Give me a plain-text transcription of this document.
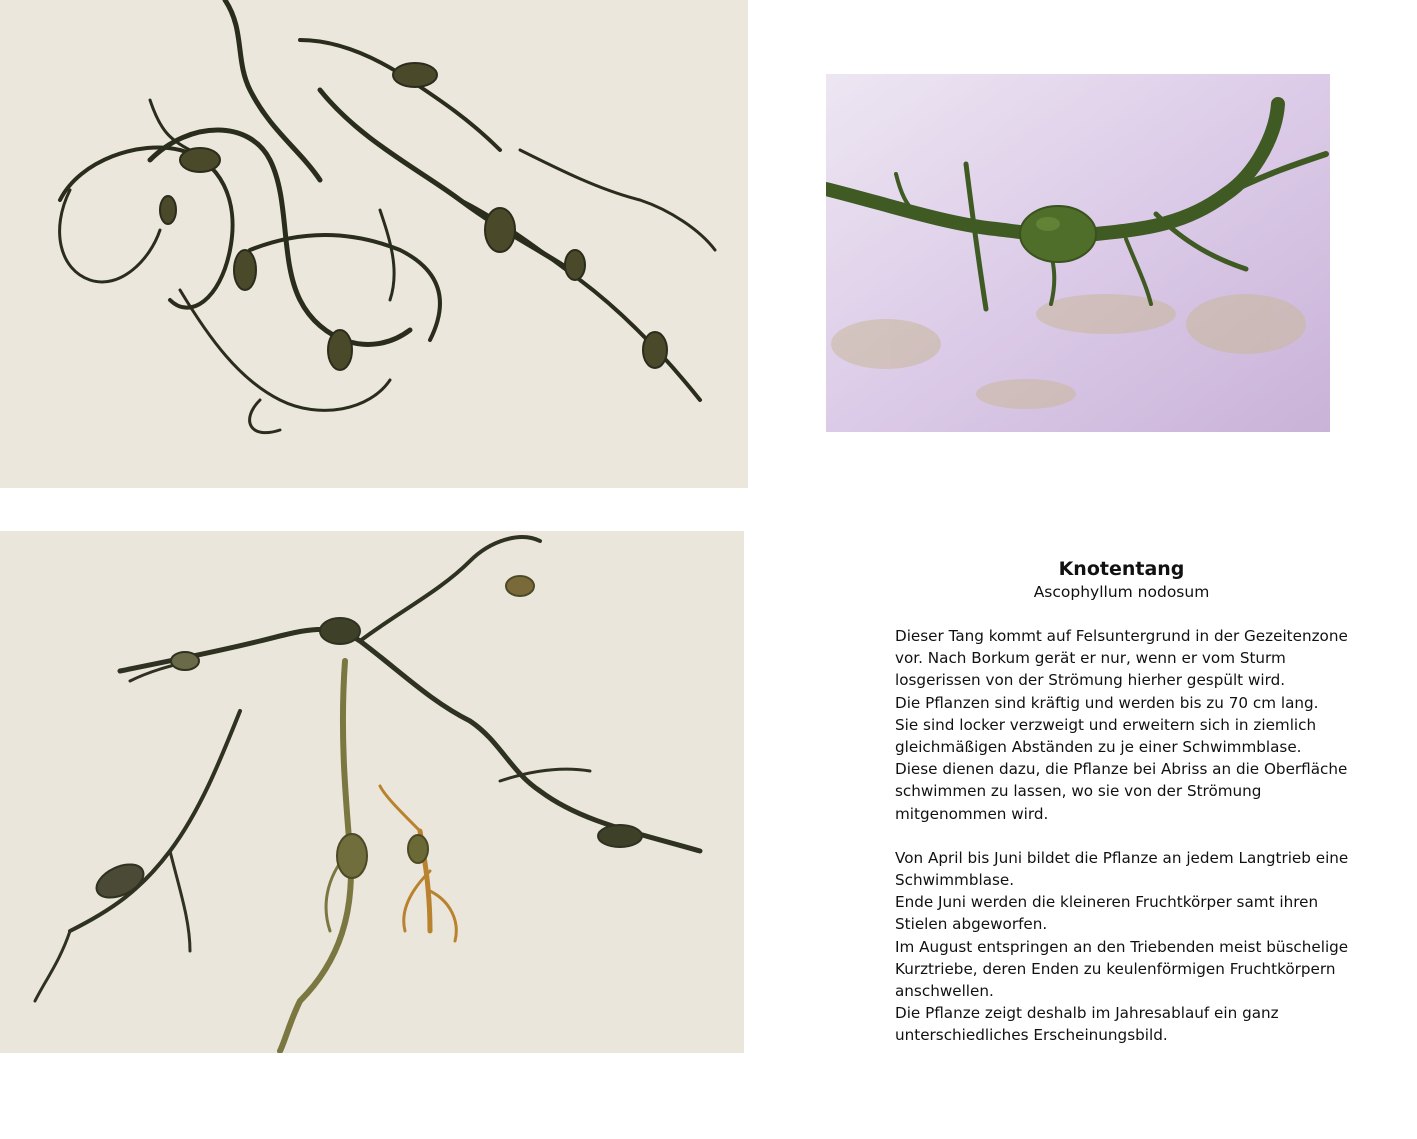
Knotentang

Ascophyllum nodosum

Dieser Tang kommt auf Felsuntergrund in der Gezeitenzone vor. Nach Borkum gerät er nur, wenn er vom Sturm losgerissen von der Strömung hierher gespült wird.

Die Pflanzen sind kräftig und werden bis zu 70 cm lang.

Sie sind locker verzweigt und erweitern sich in ziemlich gleichmäßigen Abständen zu je einer Schwimmblase.

Diese dienen dazu, die Pflanze bei Abriss an die Oberfläche schwimmen zu lassen, wo sie von der Strömung mitgenommen wird.

Von April bis Juni bildet die Pflanze an jedem Langtrieb eine Schwimmblase.

Ende Juni werden die kleineren Fruchtkörper samt ihren Stielen abgeworfen.

Im August entspringen an den Triebenden meist büschelige Kurztriebe, deren Enden zu keulenförmigen Fruchtkörpern anschwellen.

Die Pflanze zeigt deshalb im Jahresablauf ein ganz unterschiedliches Erscheinungsbild.
